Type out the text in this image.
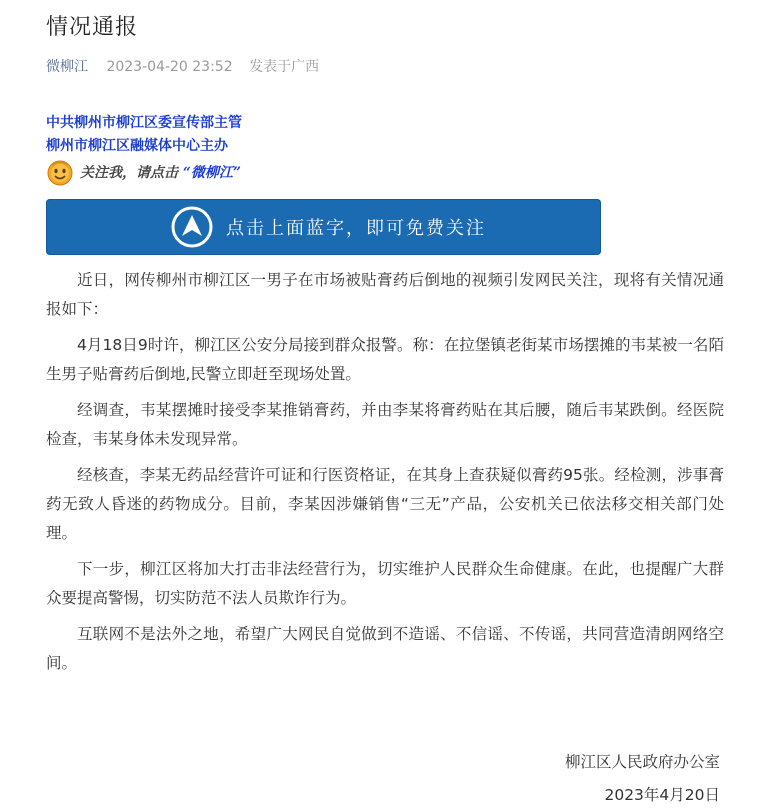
情况通报
微柳江 2023-04-20 23:52 发表于广西
中共柳州市柳江区委宣传部主管
柳州市柳江区融媒体中心主办
关注我，请点击 “微柳江”
点击上面蓝字，即可免费关注

近日，网传柳州市柳江区一男子在市场被贴膏药后倒地的视频引发网民关注，现将有关情况通报如下：

4月18日9时许，柳江区公安分局接到群众报警。称：在拉堡镇老街某市场摆摊的韦某被一名陌生男子贴膏药后倒地,民警立即赶至现场处置。

经调查，韦某摆摊时接受李某推销膏药，并由李某将膏药贴在其后腰，随后韦某跌倒。经医院检查，韦某身体未发现异常。

经核查，李某无药品经营许可证和行医资格证，在其身上查获疑似膏药95张。经检测，涉事膏药无致人昏迷的药物成分。目前，李某因涉嫌销售“三无”产品，公安机关已依法移交相关部门处理。

下一步，柳江区将加大打击非法经营行为，切实维护人民群众生命健康。在此，也提醒广大群众要提高警惕，切实防范不法人员欺诈行为。

互联网不是法外之地，希望广大网民自觉做到不造谣、不信谣、不传谣，共同营造清朗网络空间。

柳江区人民政府办公室
2023年4月20日
